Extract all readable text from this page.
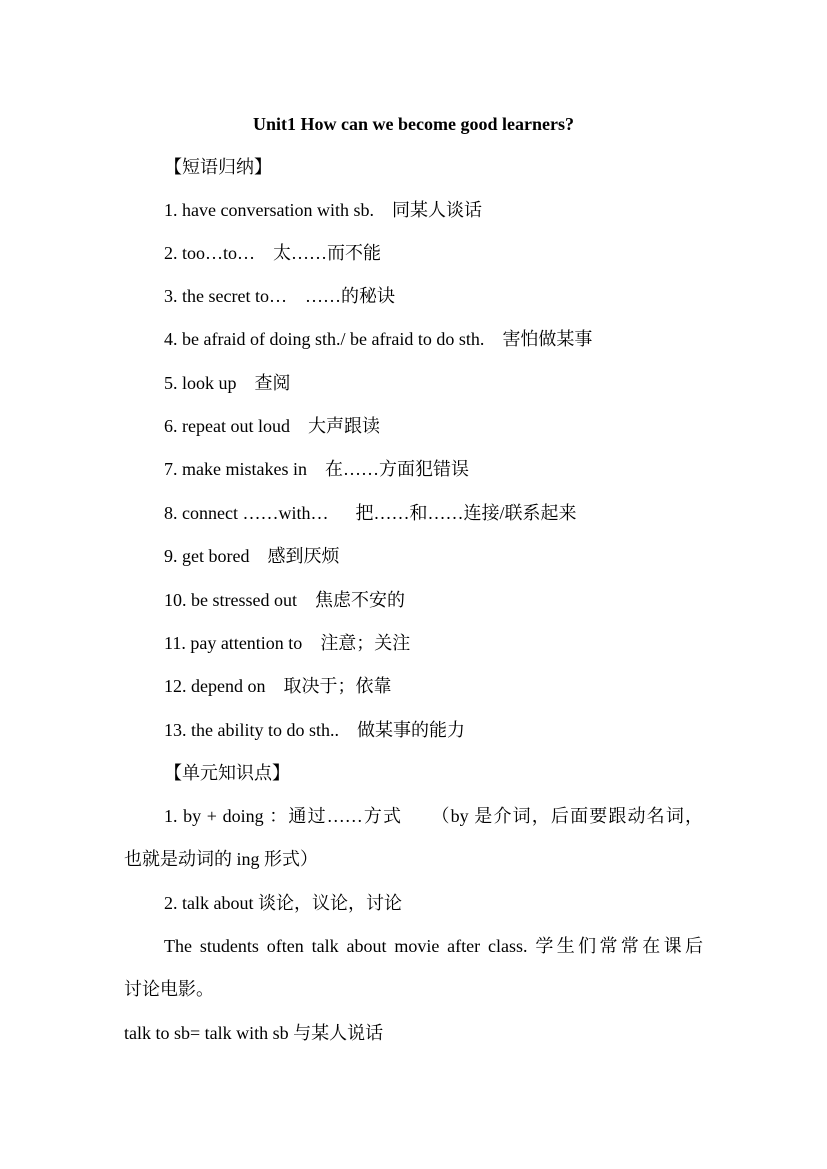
Unit1 How can we become good learners?
【短语归纳】
1. have conversation with sb.  同某人谈话
2. too…to…  太……而不能
3. the secret to…  ……的秘诀
4. be afraid of doing sth./ be afraid to do sth.  害怕做某事
5. look up  查阅
6. repeat out loud  大声跟读
7. make mistakes in  在……方面犯错误
8. connect ……with…   把……和……连接/联系起来
9. get bored  感到厌烦
10. be stressed out  焦虑不安的
11. pay attention to  注意；关注
12. depend on  取决于；依靠
13. the ability to do sth..  做某事的能力
【单元知识点】
1. by + doing ：通过……方式　　（by 是介词，后面要跟动名词，
也就是动词的 ing 形式）
2. talk about 谈论，议论，讨论
The students often talk about movie after class. 学生们常常在课后
讨论电影。
talk to sb= talk with sb 与某人说话
